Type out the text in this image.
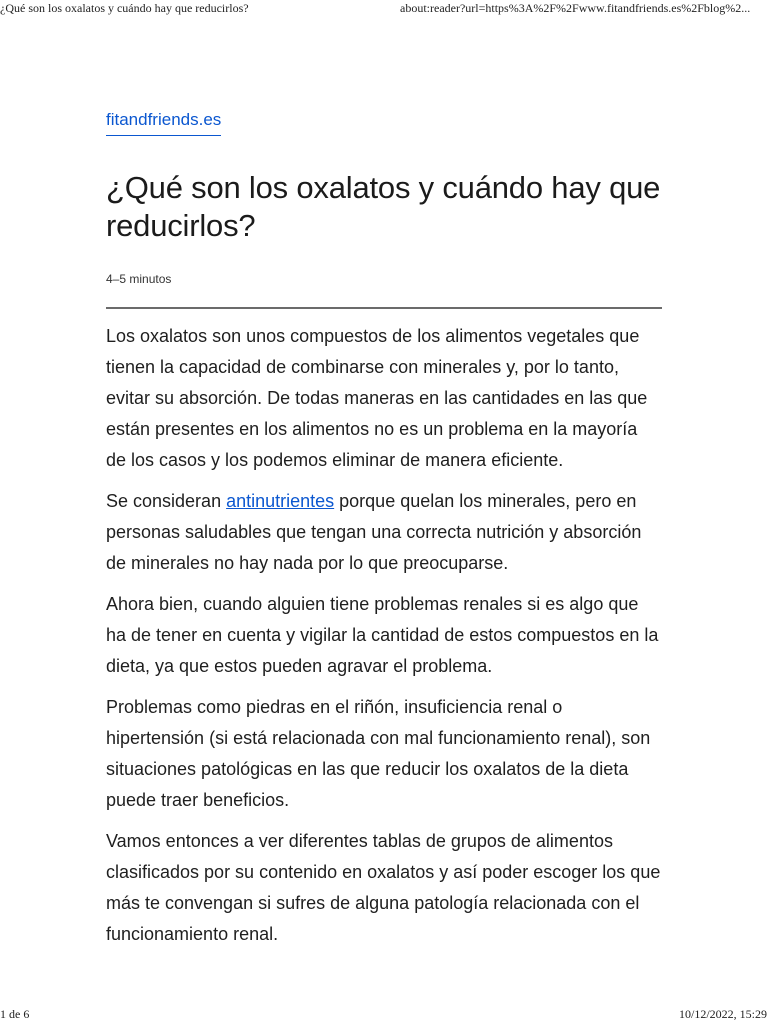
¿Qué son los oxalatos y cuándo hay que reducirlos?	about:reader?url=https%3A%2F%2Fwww.fitandfriends.es%2Fblog%2...
fitandfriends.es
¿Qué son los oxalatos y cuándo hay que reducirlos?
4–5 minutos

Los oxalatos son unos compuestos de los alimentos vegetales que tienen la capacidad de combinarse con minerales y, por lo tanto, evitar su absorción. De todas maneras en las cantidades en las que están presentes en los alimentos no es un problema en la mayoría de los casos y los podemos eliminar de manera eficiente.

Se consideran antinutrientes porque quelan los minerales, pero en personas saludables que tengan una correcta nutrición y absorción de minerales no hay nada por lo que preocuparse.

Ahora bien, cuando alguien tiene problemas renales si es algo que ha de tener en cuenta y vigilar la cantidad de estos compuestos en la dieta, ya que estos pueden agravar el problema.

Problemas como piedras en el riñón, insuficiencia renal o hipertensión (si está relacionada con mal funcionamiento renal), son situaciones patológicas en las que reducir los oxalatos de la dieta puede traer beneficios.

Vamos entonces a ver diferentes tablas de grupos de alimentos clasificados por su contenido en oxalatos y así poder escoger los que más te convengan si sufres de alguna patología relacionada con el funcionamiento renal.

1 de 6	10/12/2022, 15:29
